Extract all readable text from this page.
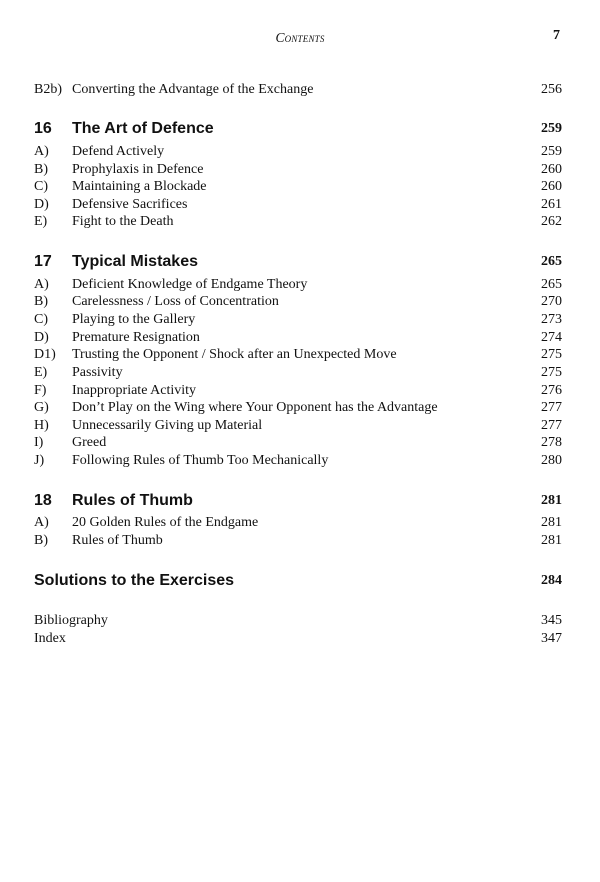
Contents	7
B2b) Converting the Advantage of the Exchange	256
16 The Art of Defence	259
A) Defend Actively	259
B) Prophylaxis in Defence	260
C) Maintaining a Blockade	260
D) Defensive Sacrifices	261
E) Fight to the Death	262
17 Typical Mistakes	265
A) Deficient Knowledge of Endgame Theory	265
B) Carelessness / Loss of Concentration	270
C) Playing to the Gallery	273
D) Premature Resignation	274
D1) Trusting the Opponent / Shock after an Unexpected Move	275
E) Passivity	275
F) Inappropriate Activity	276
G) Don’t Play on the Wing where Your Opponent has the Advantage	277
H) Unnecessarily Giving up Material	277
I) Greed	278
J) Following Rules of Thumb Too Mechanically	280
18 Rules of Thumb	281
A) 20 Golden Rules of the Endgame	281
B) Rules of Thumb	281
Solutions to the Exercises	284
Bibliography	345
Index	347
